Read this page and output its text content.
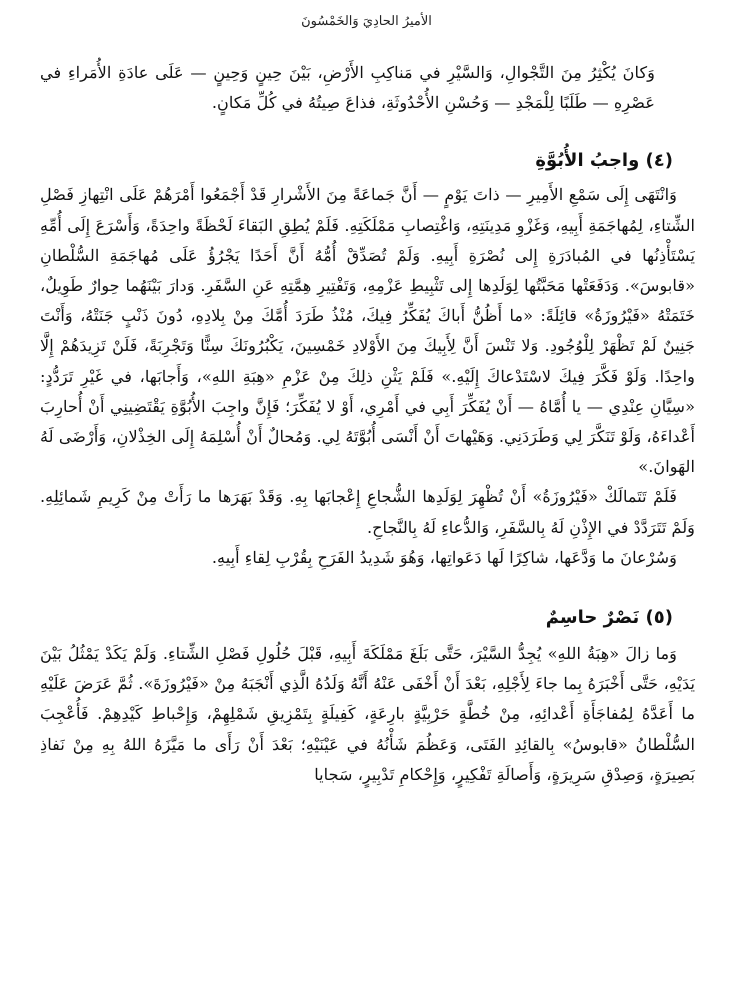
الأميرُ الحادِيَ وَالخَمْسُونَ

وَكانَ يُكْثِرُ مِنَ التَّجْوالِ، وَالسَّيْرِ في مَناكِبِ الأَرْضِ، بَيْنَ حِينٍ وَحِينٍ — عَلَى عادَةِ الأُمَراءِ في عَصْرِهِ — طَلَبًا لِلْمَجْدِ — وَحُسْنِ الأُحْدُوثَةِ، فذاعَ صِيتُهُ في كُلِّ مَكانٍ.

(٤) واجبُ الأُبُوَّةِ

وَانْتَهَى إِلَى سَمْعِ الأَمِيرِ — ذاتَ يَوْمٍ — أَنَّ جَماعَةً مِنَ الأَشْرارِ قَدْ أَجْمَعُوا أَمْرَهُمْ عَلَى انْتِهازِ فَصْلِ الشِّتاءِ، لِمُهاجَمَةِ أَبِيهِ، وَغَزْوِ مَدِينَتِهِ، وَاغْتِصابِ مَمْلَكَتِهِ. فَلَمْ يُطِقِ البَقاءَ لَحْظَةً واحِدَةً، وَأَسْرَعَ إِلَى أُمِّهِ يَسْتَأْذِنُها في المُبادَرَةِ إِلى نُصْرَةِ أَبِيهِ. وَلَمْ تُصَدِّقْ أُمُّهُ أَنَّ أَحَدًا يَجْرُؤُ عَلَى مُهاجَمَةِ السُّلْطانِ «قابوسَ». وَدَفَعَتْها مَحَبَّتُها لِوَلَدِها إِلى تَثْبِيطِ عَزْمِهِ، وَتَفْتِيرِ هِمَّتِهِ عَنِ السَّفَرِ. وَدارَ بَيْنَهُما حِوارٌ طَوِيلٌ، خَتَمَتْهُ «فَيْرُوزَةُ» قائِلَةً: «ما أَظُنُّ أَباكَ يُفَكِّرُ فِيكَ، مُنْذُ طَرَدَ أُمَّكَ مِنْ بِلادِهِ، دُونَ ذَنْبٍ جَنَتْهُ، وَأَنْتَ جَنِينٌ لَمْ تَظْهَرْ لِلْوُجُودِ. وَلا تَنْسَ أَنَّ لِأَبِيكَ مِنَ الأَوْلادِ خَمْسِينَ، يَكْبُرُونَكَ سِنًّا وَتَجْرِبَةً، فَلَنْ تَزِيدَهُمْ إِلَّا واحِدًا. وَلَوْ فَكَّرَ فِيكَ لاسْتَدْعاكَ إِلَيْهِ.» فَلَمْ يَثْنِ ذلِكَ مِنْ عَزْمِ «هِبَةِ اللهِ»، وَأَجابَها، في غَيْرِ تَرَدُّدٍ: «سِيَّانِ عِنْدِي — يا أُمَّاهُ — أَنْ يُفَكِّرَ أَبِي في أَمْرِي، أَوْ لا يُفَكِّرَ؛ فَإِنَّ واجِبَ الأُبُوَّةِ يَقْتَضِينِي أَنْ أُحارِبَ أَعْداءَهُ، وَلَوْ تَنَكَّرَ لِي وَطَرَدَنِي. وَهَيْهاتَ أَنْ أَنْسَى أُبُوَّتَهُ لِي. وَمُحالٌ أَنْ أُسْلِمَهُ إِلَى الخِذْلانِ، وَأَرْضَى لَهُ الهَوانَ.»

فَلَمْ تَتَمالَكْ «فَيْرُوزَةُ» أَنْ تُظْهِرَ لِوَلَدِها الشُّجاعِ إِعْجابَها بِهِ. وَقَدْ بَهَرَها ما رَأَتْ مِنْ كَرِيمِ شَمائِلِهِ. وَلَمْ تَتَرَدَّدْ في الإِذْنِ لَهُ بِالسَّفَرِ، وَالدُّعاءِ لَهُ بِالنَّجاحِ.

وَسُرْعانَ ما وَدَّعَها، شاكِرًا لَها دَعَواتِها، وَهُوَ شَدِيدُ الفَرَحِ بِقُرْبِ لِقاءِ أَبِيهِ.

(٥) نَصْرٌ حاسِمٌ

وَما زالَ «هِبَةُ اللهِ» يُجِدُّ السَّيْرَ، حَتَّى بَلَغَ مَمْلَكَةَ أَبِيهِ، قَبْلَ حُلُولِ فَصْلِ الشِّتاءِ. وَلَمْ يَكَدْ يَمْثُلُ بَيْنَ يَدَيْهِ، حَتَّى أَخْبَرَهُ بِما جاءَ لِأَجْلِهِ، بَعْدَ أَنْ أَخْفَى عَنْهُ أَنَّهُ وَلَدُهُ الَّذِي أَنْجَبَهُ مِنْ «فَيْرُوزَةَ». ثُمَّ عَرَضَ عَلَيْهِ ما أَعَدَّهُ لِمُفاجَأَةِ أَعْدائِهِ، مِنْ خُطَّةٍ حَرْبِيَّةٍ بارِعَةٍ، كَفِيلَةٍ بِتَمْزِيقِ شَمْلِهِمْ، وَإِحْباطِ كَيْدِهِمْ. فَأُعْجِبَ السُّلْطانُ «قابوسُ» بِالقائِدِ الفَتَى، وَعَظُمَ شَأْنُهُ في عَيْنَيْهِ؛ بَعْدَ أَنْ رَأَى ما مَيَّزَهُ اللهُ بِهِ مِنْ نَفاذِ بَصِيرَةٍ، وَصِدْقِ سَرِيرَةٍ، وَأَصالَةِ تَفْكِيرٍ، وَإِحْكامِ تَدْبِيرٍ، سَجايا
